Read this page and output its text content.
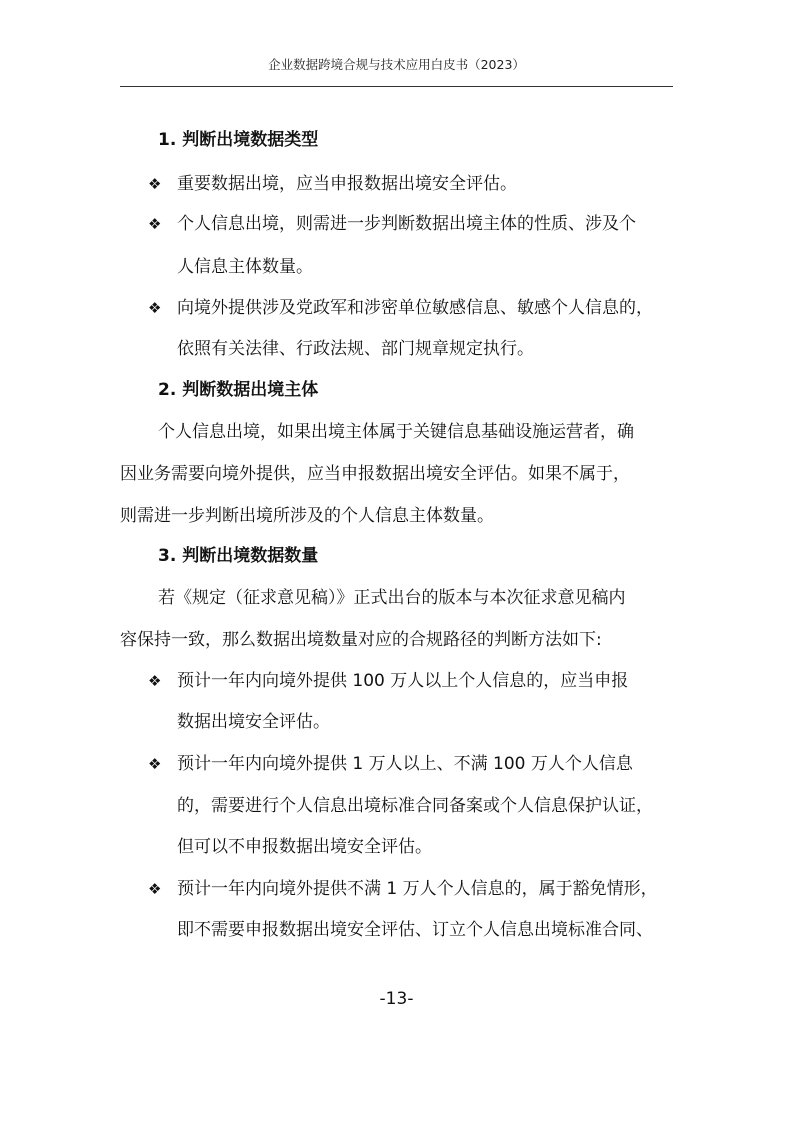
企业数据跨境合规与技术应用白皮书（2023）
1. 判断出境数据类型
❖ 重要数据出境，应当申报数据出境安全评估。
❖ 个人信息出境，则需进一步判断数据出境主体的性质、涉及个
人信息主体数量。
❖ 向境外提供涉及党政军和涉密单位敏感信息、敏感个人信息的，
依照有关法律、行政法规、部门规章规定执行。
2. 判断数据出境主体
个人信息出境，如果出境主体属于关键信息基础设施运营者，确
因业务需要向境外提供，应当申报数据出境安全评估。如果不属于，
则需进一步判断出境所涉及的个人信息主体数量。
3. 判断出境数据数量
若《规定（征求意见稿）》正式出台的版本与本次征求意见稿内
容保持一致，那么数据出境数量对应的合规路径的判断方法如下:
❖ 预计一年内向境外提供 100 万人以上个人信息的，应当申报
数据出境安全评估。
❖ 预计一年内向境外提供 1 万人以上、不满 100 万人个人信息
的，需要进行个人信息出境标准合同备案或个人信息保护认证，
但可以不申报数据出境安全评估。
❖ 预计一年内向境外提供不满 1 万人个人信息的，属于豁免情形，
即不需要申报数据出境安全评估、订立个人信息出境标准合同、
-13-
